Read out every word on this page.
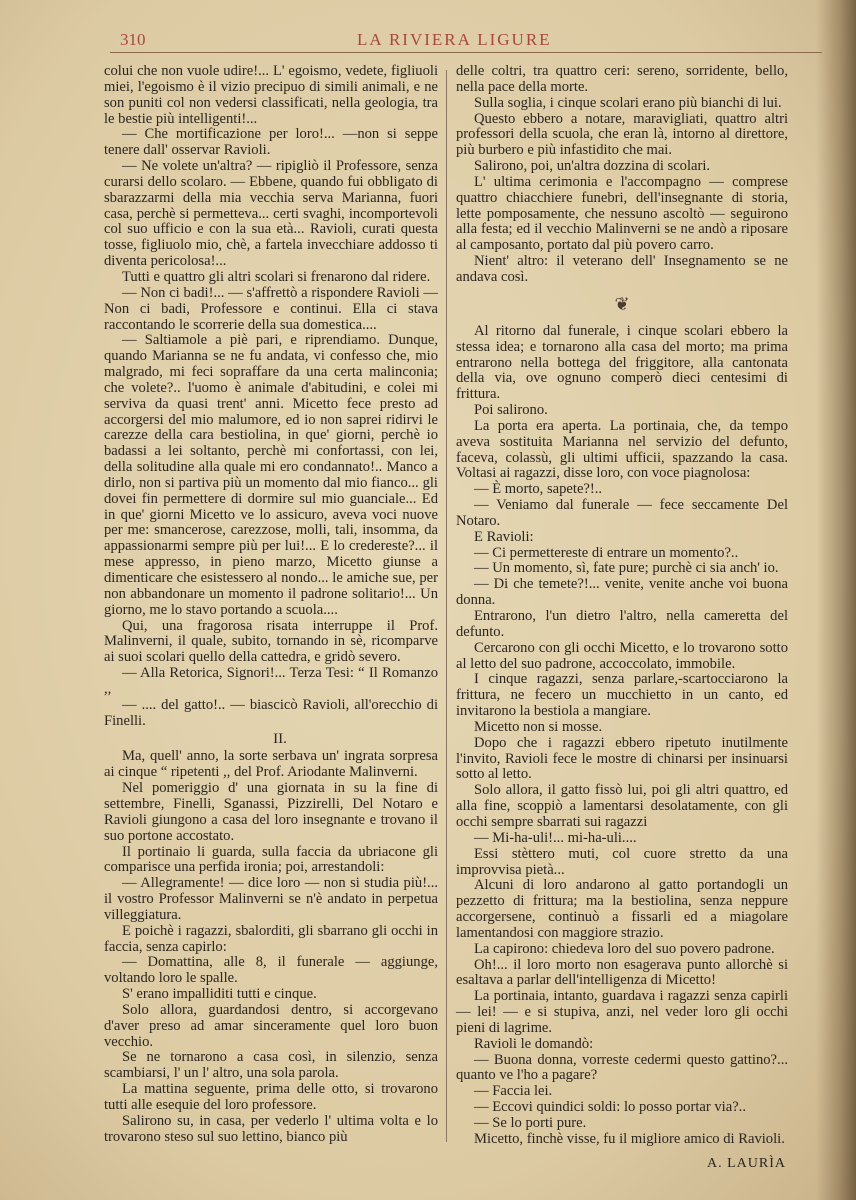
310	LA RIVIERA LIGURE

colui che non vuole udire!... L' egoismo, vedete, figliuoli miei, l'egoismo è il vizio precipuo di simili animali, e ne son puniti col non vedersi classificati, nella geologia, tra le bestie più intelligenti!...

— Che mortificazione per loro!... —non si seppe tenere dall' osservar Ravioli.

— Ne volete un'altra? — ripigliò il Professore, senza curarsi dello scolaro. — Ebbene, quando fui obbligato di sbarazzarmi della mia vecchia serva Marianna, fuori casa, perchè si permetteva... certi svaghi, incomportevoli col suo ufficio e con la sua età... Ravioli, curati questa tosse, figliuolo mio, chè, a fartela invecchiare addosso ti diventa pericolosa!...

Tutti e quattro gli altri scolari si frenarono dal ridere.

— Non ci badi!... — s'affrettò a rispondere Ravioli — Non ci badi, Professore e continui. Ella ci stava raccontando le scorrerie della sua domestica....

— Saltiamole a piè pari, e riprendiamo. Dunque, quando Marianna se ne fu andata, vi confesso che, mio malgrado, mi feci sopraffare da una certa malinconia; che volete?.. l'uomo è animale d'abitudini, e colei mi serviva da quasi trent' anni. Micetto fece presto ad accorgersi del mio malumore, ed io non saprei ridirvi le carezze della cara bestiolina, in que' giorni, perchè io badassi a lei soltanto, perchè mi confortassi, con lei, della solitudine alla quale mi ero condannato!.. Manco a dirlo, non si partiva più un momento dal mio fianco... gli dovei fin permettere di dormire sul mio guanciale... Ed in que' giorni Micetto ve lo assicuro, aveva voci nuove per me: smancerose, carezzose, molli, tali, insomma, da appassionarmi sempre più per lui!... E lo credereste?... il mese appresso, in pieno marzo, Micetto giunse a dimenticare che esistessero al nondo... le amiche sue, per non abbandonare un momento il padrone solitario!... Un giorno, me lo stavo portando a scuola....

Qui, una fragorosa risata interruppe il Prof. Malinverni, il quale, subito, tornando in sè, ricomparve ai suoi scolari quello della cattedra, e gridò severo.

— Alla Retorica, Signori!... Terza Tesi: “ Il Romanzo ,,

— .... del gatto!.. — biascicò Ravioli, all'orecchio di Finelli.

II.

Ma, quell' anno, la sorte serbava un' ingrata sorpresa ai cinque “ ripetenti ,, del Prof. Ariodante Malinverni.

Nel pomeriggio d' una giornata in su la fine di settembre, Finelli, Sganassi, Pizzirelli, Del Notaro e Ravioli giungono a casa del loro insegnante e trovano il suo portone accostato.

Il portinaio li guarda, sulla faccia da ubriacone gli comparisce una perfida ironia; poi, arrestandoli:

— Allegramente! — dice loro — non si studia più!... il vostro Professor Malinverni se n'è andato in perpetua villeggiatura.

E poichè i ragazzi, sbalorditi, gli sbarrano gli occhi in faccia, senza capirlo:

— Domattina, alle 8, il funerale — aggiunge, voltando loro le spalle.

S' erano impalliditi tutti e cinque.

Solo allora, guardandosi dentro, si accorgevano d'aver preso ad amar sinceramente quel loro buon vecchio.

Se ne tornarono a casa così, in silenzio, senza scambiarsi, l' un l' altro, una sola parola.

La mattina seguente, prima delle otto, si trovarono tutti alle esequie del loro professore.

Salirono su, in casa, per vederlo l' ultima volta e lo trovarono steso sul suo lettino, bianco più

delle coltri, tra quattro ceri: sereno, sorridente, bello, nella pace della morte.

Sulla soglia, i cinque scolari erano più bianchi di lui.

Questo ebbero a notare, maravigliati, quattro altri professori della scuola, che eran là, intorno al direttore, più burbero e più infastidito che mai.

Salirono, poi, un'altra dozzina di scolari.

L' ultima cerimonia e l'accompagno — comprese quattro chiacchiere funebri, dell'insegnante di storia, lette pomposamente, che nessuno ascoltò — seguirono alla festa; ed il vecchio Malinverni se ne andò a riposare al camposanto, portato dal più povero carro.

Nient' altro: il veterano dell' Insegnamento se ne andava così.

❦

Al ritorno dal funerale, i cinque scolari ebbero la stessa idea; e tornarono alla casa del morto; ma prima entrarono nella bottega del friggitore, alla cantonata della via, ove ognuno comperò dieci centesimi di frittura.

Poi salirono.

La porta era aperta. La portinaia, che, da tempo aveva sostituita Marianna nel servizio del defunto, faceva, colassù, gli ultimi ufficii, spazzando la casa. Voltasi ai ragazzi, disse loro, con voce piagnolosa:

— È morto, sapete?!..

— Veniamo dal funerale — fece seccamente Del Notaro.

E Ravioli:

— Ci permettereste di entrare un momento?..

— Un momento, sì, fate pure; purchè ci sia anch' io.

— Di che temete?!... venite, venite anche voi buona donna.

Entrarono, l'un dietro l'altro, nella cameretta del defunto.

Cercarono con gli occhi Micetto, e lo trovarono sotto al letto del suo padrone, accoccolato, immobile.

I cinque ragazzi, senza parlare,-scartocciarono la frittura, ne fecero un mucchietto in un canto, ed invitarono la bestiola a mangiare.

Micetto non si mosse.

Dopo che i ragazzi ebbero ripetuto inutilmente l'invito, Ravioli fece le mostre di chinarsi per insinuarsi sotto al letto.

Solo allora, il gatto fissò lui, poi gli altri quattro, ed alla fine, scoppiò a lamentarsi desolatamente, con gli occhi sempre sbarrati sui ragazzi

— Mi-ha-uli!... mi-ha-uli....

Essi stèttero muti, col cuore stretto da una improvvisa pietà...

Alcuni di loro andarono al gatto portandogli un pezzetto di frittura; ma la bestiolina, senza neppure accorgersene, continuò a fissarli ed a miagolare lamentandosi con maggiore strazio.

La capirono: chiedeva loro del suo povero padrone.

Oh!... il loro morto non esagerava punto allorchè si esaltava a parlar dell'intelligenza di Micetto!

La portinaia, intanto, guardava i ragazzi senza capirli — lei! — e si stupiva, anzi, nel veder loro gli occhi pieni di lagrime.

Ravioli le domandò:

— Buona donna, vorreste cedermi questo gattino?... quanto ve l'ho a pagare?

— Faccia lei.

— Eccovi quindici soldi: lo posso portar via?..

— Se lo porti pure.

Micetto, finchè visse, fu il migliore amico di Ravioli.

A. LAURÌA
